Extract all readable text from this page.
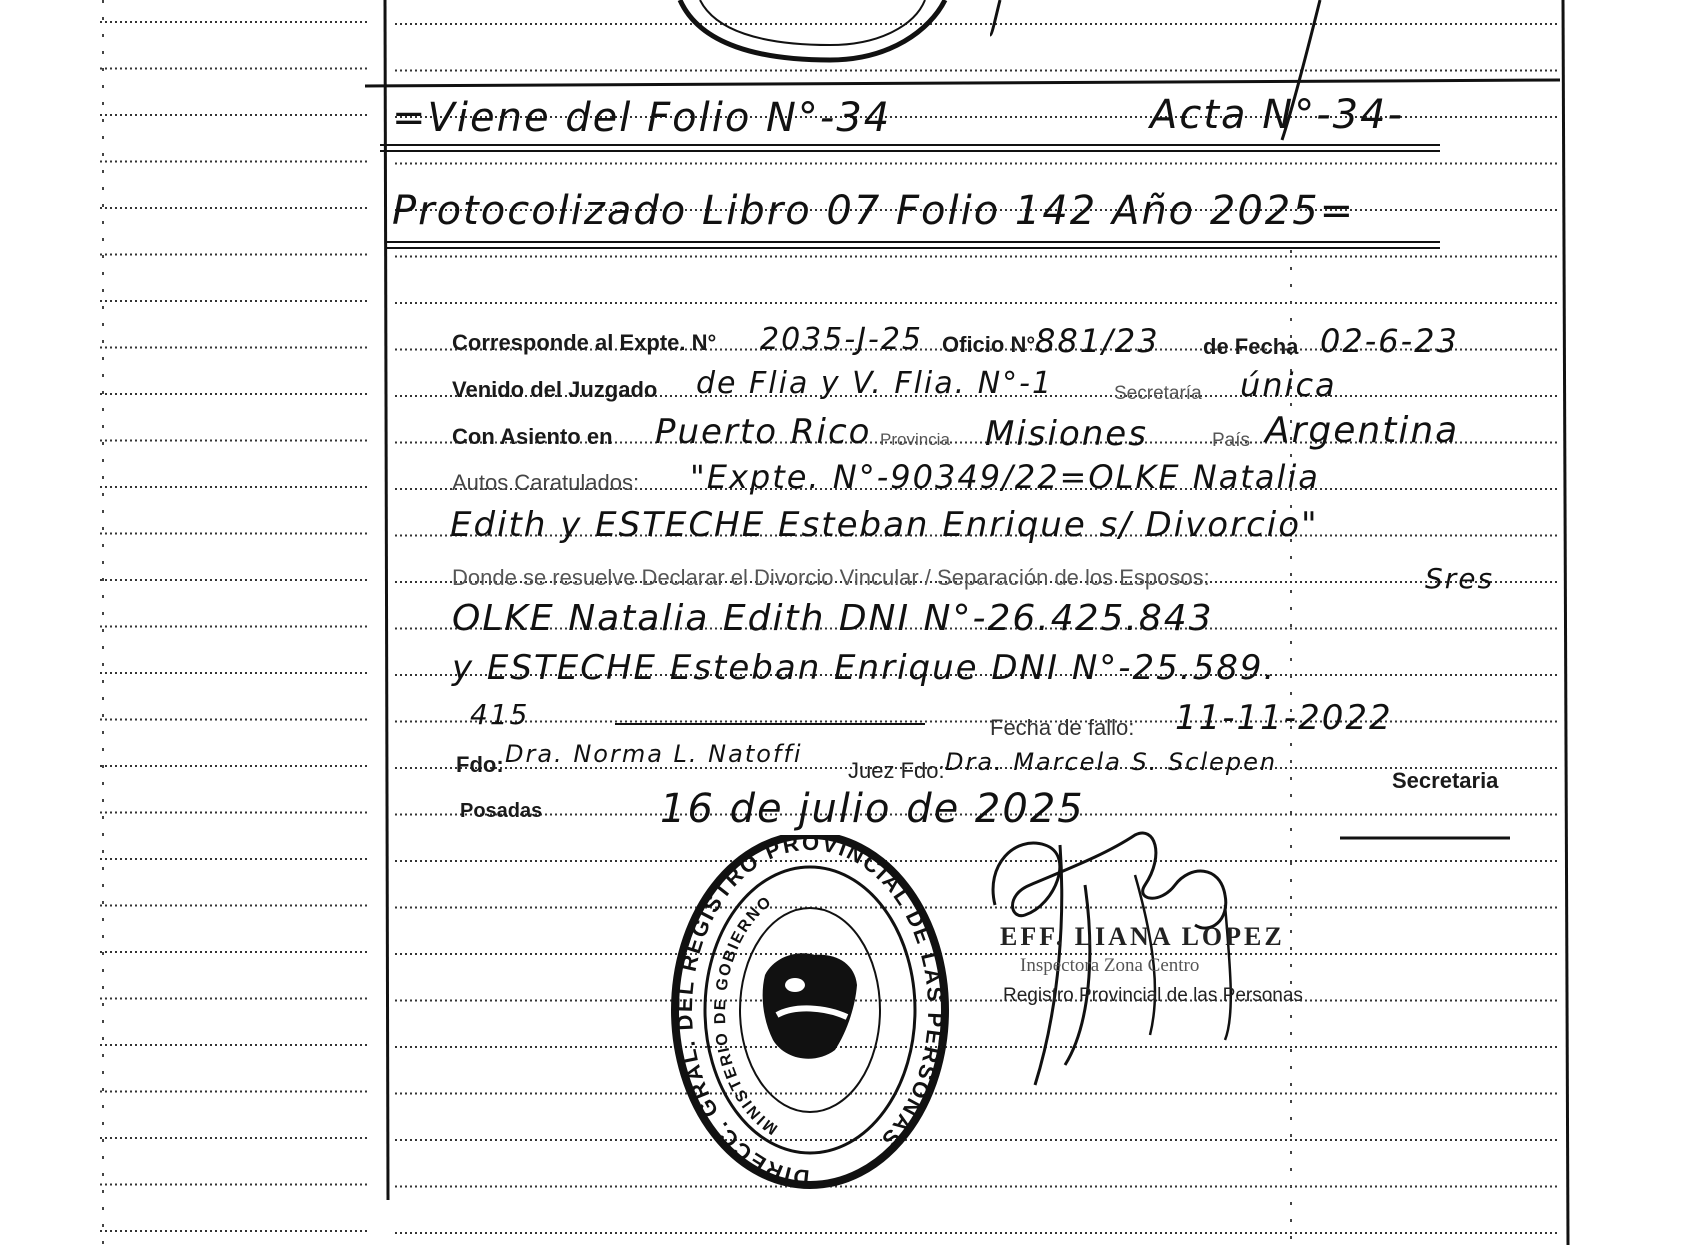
=Viene del Folio N°-34	Acta N°-34-
Protocolizado Libro 07 Folio 142 Año 2025=
Corresponde al Expte. N° 2035-J-25 Oficio N° 881/23 de Fecha 02-6-23
Venido del Juzgado de Flia y V. Flia. N°-1	Secretaría única
Con Asiento en Puerto Rico Provincia Misiones	País Argentina
Autos Caratulados: "Expte. N°-90349/22=OLKE Natalia
Edith y ESTECHE Esteban Enrique s/ Divorcio"
Donde se resuelve Declarar el Divorcio Vincular / Separación de los Esposos:	Sres
OLKE Natalia Edith DNI N°-26.425.843
y ESTECHE Esteban Enrique DNI N°-25.589.
415	Fecha de fallo: 11-11-2022
Fdo: Dra. Norma L. Natoffi
Juez Fdo: Dra. Marcela S. Sclepen
Secretaria
Posadas	16 de julio de 2025
DIRECC. GRAL. DEL REGISTRO PROVINCIAL DE LAS PERSONAS
MINISTERIO DE GOBIERNO
EFF. LIANA LOPEZ
Inspectora Zona Centro
Registro Provincial de las Personas
